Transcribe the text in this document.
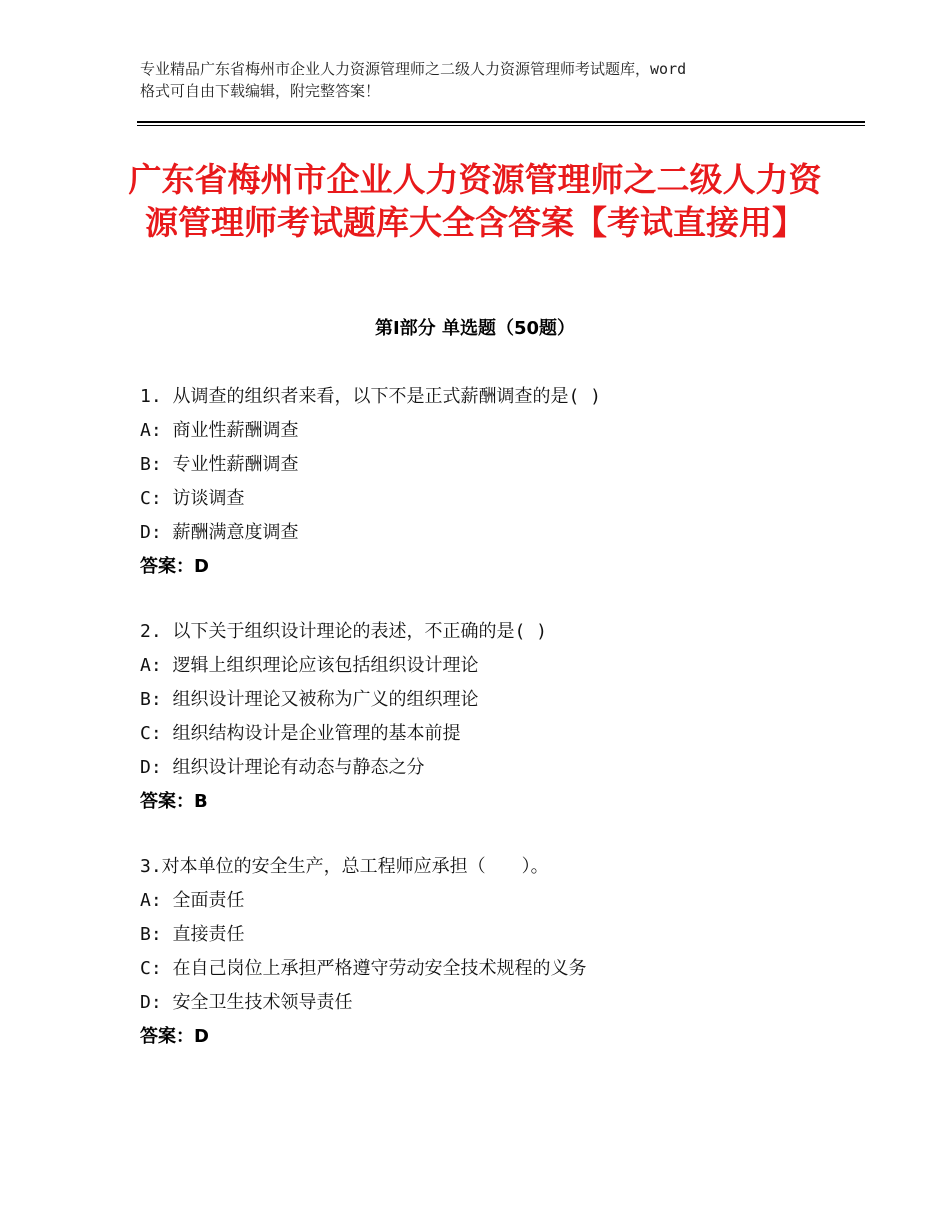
专业精品广东省梅州市企业人力资源管理师之二级人力资源管理师考试题库，word
格式可自由下载编辑，附完整答案！
广东省梅州市企业人力资源管理师之二级人力资源管理师考试题库大全含答案【考试直接用】
第Ⅰ部分 单选题（50题）
1. 从调查的组织者来看，以下不是正式薪酬调查的是( )
A: 商业性薪酬调查
B: 专业性薪酬调查
C: 访谈调查
D: 薪酬满意度调查
答案：D
2. 以下关于组织设计理论的表述，不正确的是( )
A: 逻辑上组织理论应该包括组织设计理论
B: 组织设计理论又被称为广义的组织理论
C: 组织结构设计是企业管理的基本前提
D: 组织设计理论有动态与静态之分
答案：B
3.对本单位的安全生产，总工程师应承担（　　）。
A: 全面责任
B: 直接责任
C: 在自己岗位上承担严格遵守劳动安全技术规程的义务
D: 安全卫生技术领导责任
答案：D
